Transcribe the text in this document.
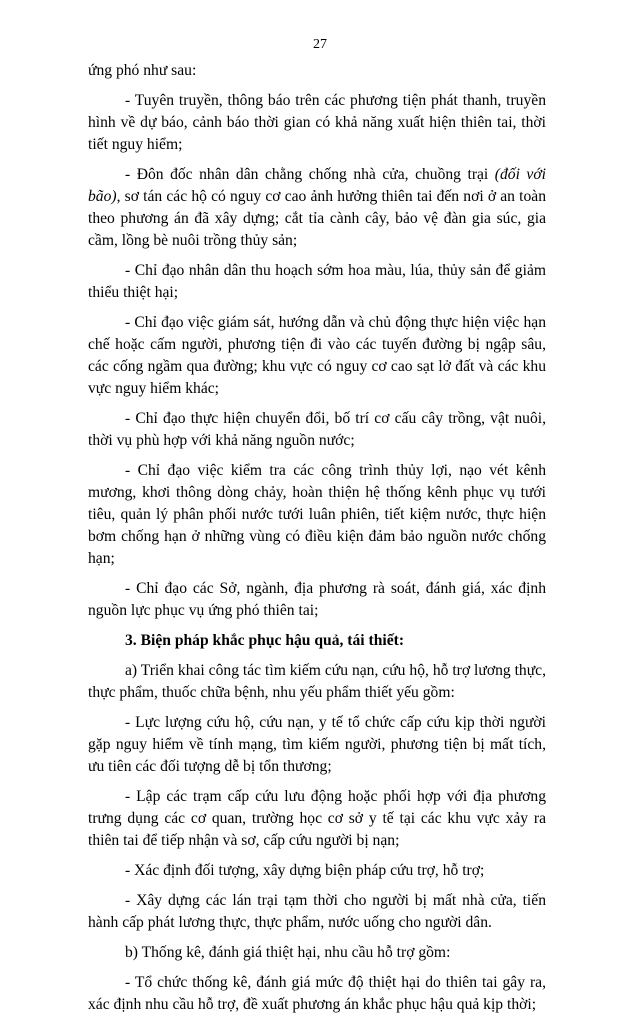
27

ứng phó như sau:

- Tuyên truyền, thông báo trên các phương tiện phát thanh, truyền hình về dự báo, cảnh báo thời gian có khả năng xuất hiện thiên tai, thời tiết nguy hiểm;

- Đôn đốc nhân dân chằng chống nhà cửa, chuồng trại (đối với bão), sơ tán các hộ có nguy cơ cao ảnh hưởng thiên tai đến nơi ở an toàn theo phương án đã xây dựng; cắt tỉa cành cây, bảo vệ đàn gia súc, gia cầm, lồng bè nuôi trồng thủy sản;

- Chỉ đạo nhân dân thu hoạch sớm hoa màu, lúa, thủy sản để giảm thiểu thiệt hại;

- Chỉ đạo việc giám sát, hướng dẫn và chủ động thực hiện việc hạn chế hoặc cấm người, phương tiện đi vào các tuyến đường bị ngập sâu, các cống ngầm qua đường; khu vực có nguy cơ cao sạt lở đất và các khu vực nguy hiểm khác;

- Chỉ đạo thực hiện chuyển đổi, bố trí cơ cấu cây trồng, vật nuôi, thời vụ phù hợp với khả năng nguồn nước;

- Chỉ đạo việc kiểm tra các công trình thủy lợi, nạo vét kênh mương, khơi thông dòng chảy, hoàn thiện hệ thống kênh phục vụ tưới tiêu, quản lý phân phối nước tưới luân phiên, tiết kiệm nước, thực hiện bơm chống hạn ở những vùng có điều kiện đảm bảo nguồn nước chống hạn;

- Chỉ đạo các Sở, ngành, địa phương rà soát, đánh giá, xác định nguồn lực phục vụ ứng phó thiên tai;

3. Biện pháp khắc phục hậu quả, tái thiết:

a) Triển khai công tác tìm kiếm cứu nạn, cứu hộ, hỗ trợ lương thực, thực phẩm, thuốc chữa bệnh, nhu yếu phẩm thiết yếu gồm:

- Lực lượng cứu hộ, cứu nạn, y tế tổ chức cấp cứu kịp thời người gặp nguy hiểm về tính mạng, tìm kiếm người, phương tiện bị mất tích, ưu tiên các đối tượng dễ bị tổn thương;

- Lập các trạm cấp cứu lưu động hoặc phối hợp với địa phương trưng dụng các cơ quan, trường học cơ sở y tế tại các khu vực xảy ra thiên tai để tiếp nhận và sơ, cấp cứu người bị nạn;

- Xác định đối tượng, xây dựng biện pháp cứu trợ, hỗ trợ;

- Xây dựng các lán trại tạm thời cho người bị mất nhà cửa, tiến hành cấp phát lương thực, thực phẩm, nước uống cho người dân.

b) Thống kê, đánh giá thiệt hại, nhu cầu hỗ trợ gồm:

- Tổ chức thống kê, đánh giá mức độ thiệt hại do thiên tai gây ra, xác định nhu cầu hỗ trợ, đề xuất phương án khắc phục hậu quả kịp thời;
